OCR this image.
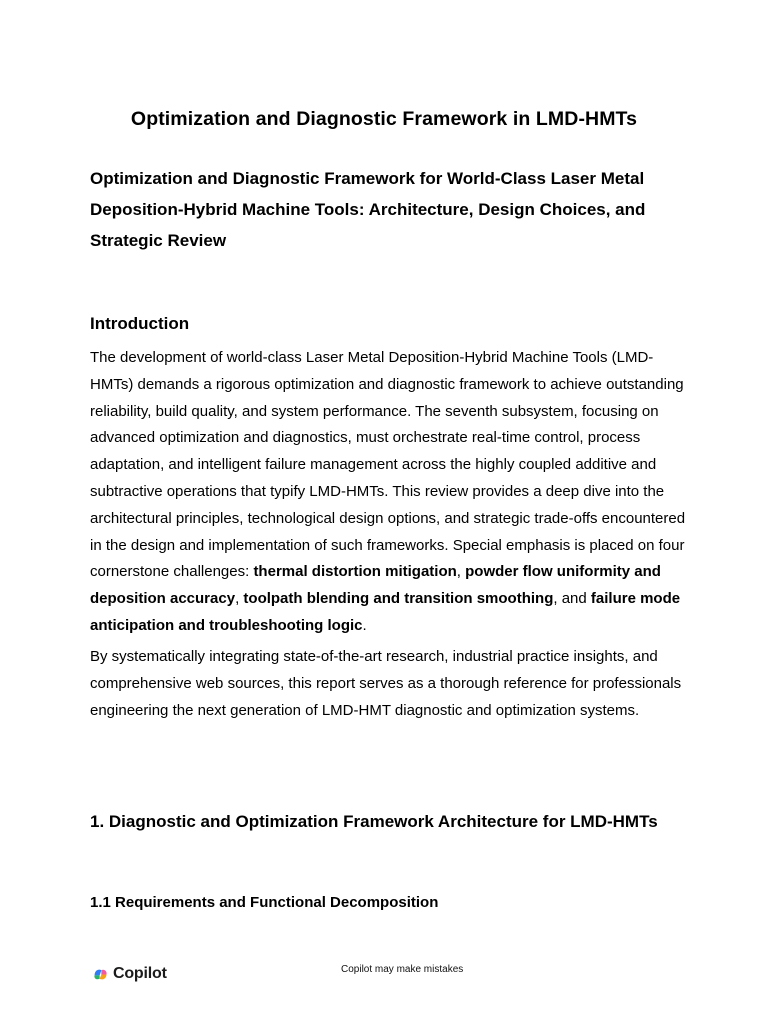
Optimization and Diagnostic Framework in LMD-HMTs
Optimization and Diagnostic Framework for World-Class Laser Metal Deposition-Hybrid Machine Tools: Architecture, Design Choices, and Strategic Review
Introduction
The development of world-class Laser Metal Deposition-Hybrid Machine Tools (LMD-HMTs) demands a rigorous optimization and diagnostic framework to achieve outstanding reliability, build quality, and system performance. The seventh subsystem, focusing on advanced optimization and diagnostics, must orchestrate real-time control, process adaptation, and intelligent failure management across the highly coupled additive and subtractive operations that typify LMD-HMTs. This review provides a deep dive into the architectural principles, technological design options, and strategic trade-offs encountered in the design and implementation of such frameworks. Special emphasis is placed on four cornerstone challenges: thermal distortion mitigation, powder flow uniformity and deposition accuracy, toolpath blending and transition smoothing, and failure mode anticipation and troubleshooting logic.
By systematically integrating state-of-the-art research, industrial practice insights, and comprehensive web sources, this report serves as a thorough reference for professionals engineering the next generation of LMD-HMT diagnostic and optimization systems.
1. Diagnostic and Optimization Framework Architecture for LMD-HMTs
1.1 Requirements and Functional Decomposition
Copilot	Copilot may make mistakes
